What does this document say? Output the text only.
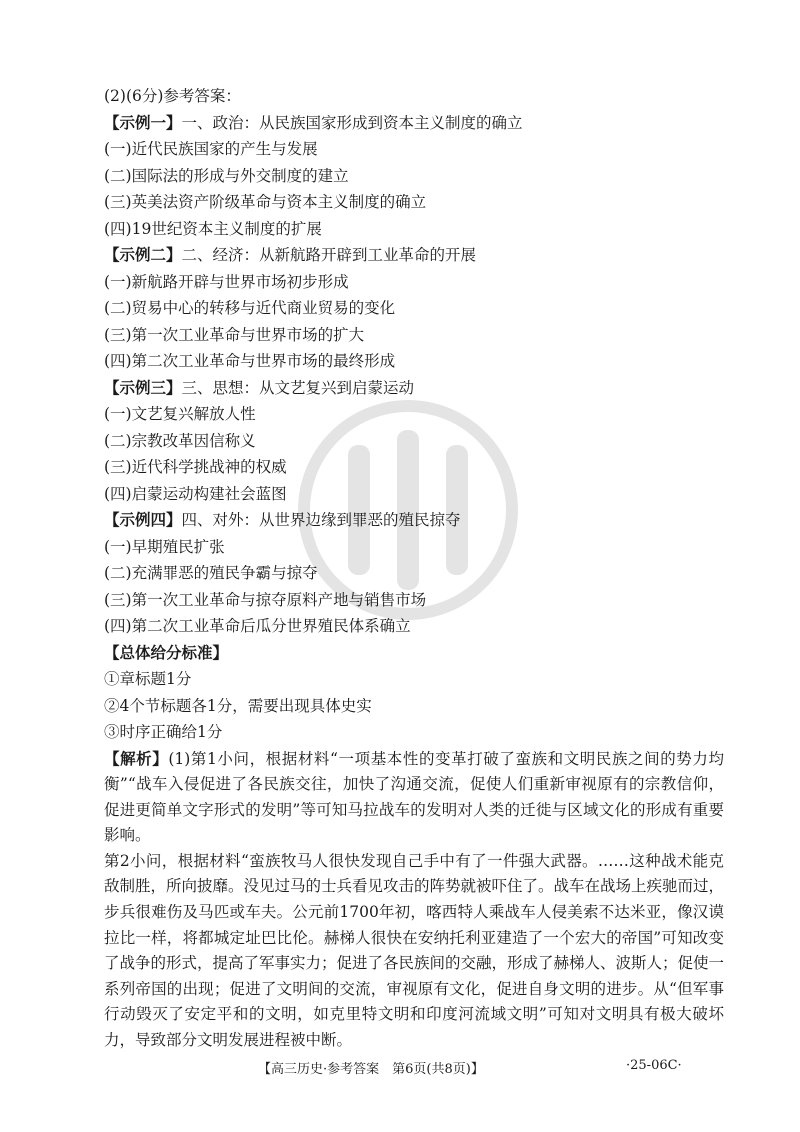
(2)(6分)参考答案：
【示例一】一、政治：从民族国家形成到资本主义制度的确立
(一)近代民族国家的产生与发展
(二)国际法的形成与外交制度的建立
(三)英美法资产阶级革命与资本主义制度的确立
(四)19世纪资本主义制度的扩展
【示例二】二、经济：从新航路开辟到工业革命的开展
(一)新航路开辟与世界市场初步形成
(二)贸易中心的转移与近代商业贸易的变化
(三)第一次工业革命与世界市场的扩大
(四)第二次工业革命与世界市场的最终形成
【示例三】三、思想：从文艺复兴到启蒙运动
(一)文艺复兴解放人性
(二)宗教改革因信称义
(三)近代科学挑战神的权威
(四)启蒙运动构建社会蓝图
【示例四】四、对外：从世界边缘到罪恶的殖民掠夺
(一)早期殖民扩张
(二)充满罪恶的殖民争霸与掠夺
(三)第一次工业革命与掠夺原料产地与销售市场
(四)第二次工业革命后瓜分世界殖民体系确立
【总体给分标准】
①章标题1分
②4个节标题各1分，需要出现具体史实
③时序正确给1分

【解析】(1)第1小问，根据材料“一项基本性的变革打破了蛮族和文明民族之间的势力均衡”“战车入侵促进了各民族交往，加快了沟通交流，促使人们重新审视原有的宗教信仰，促进更简单文字形式的发明”等可知马拉战车的发明对人类的迁徙与区域文化的形成有重要影响。

第2小问，根据材料“蛮族牧马人很快发现自己手中有了一件强大武器。……这种战术能克敌制胜，所向披靡。没见过马的士兵看见攻击的阵势就被吓住了。战车在战场上疾驰而过，步兵很难伤及马匹或车夫。公元前1700年初，喀西特人乘战车人侵美索不达米亚，像汉谟拉比一样，将都城定址巴比伦。赫梯人很快在安纳托利亚建造了一个宏大的帝国”可知改变了战争的形式，提高了军事实力；促进了各民族间的交融，形成了赫梯人、波斯人；促使一系列帝国的出现；促进了文明间的交流，审视原有文化，促进自身文明的进步。从“但军事行动毁灭了安定平和的文明，如克里特文明和印度河流域文明”可知对文明具有极大破坏力，导致部分文明发展进程被中断。

【高三历史·参考答案　第6页(共8页)】	·25-06C·
